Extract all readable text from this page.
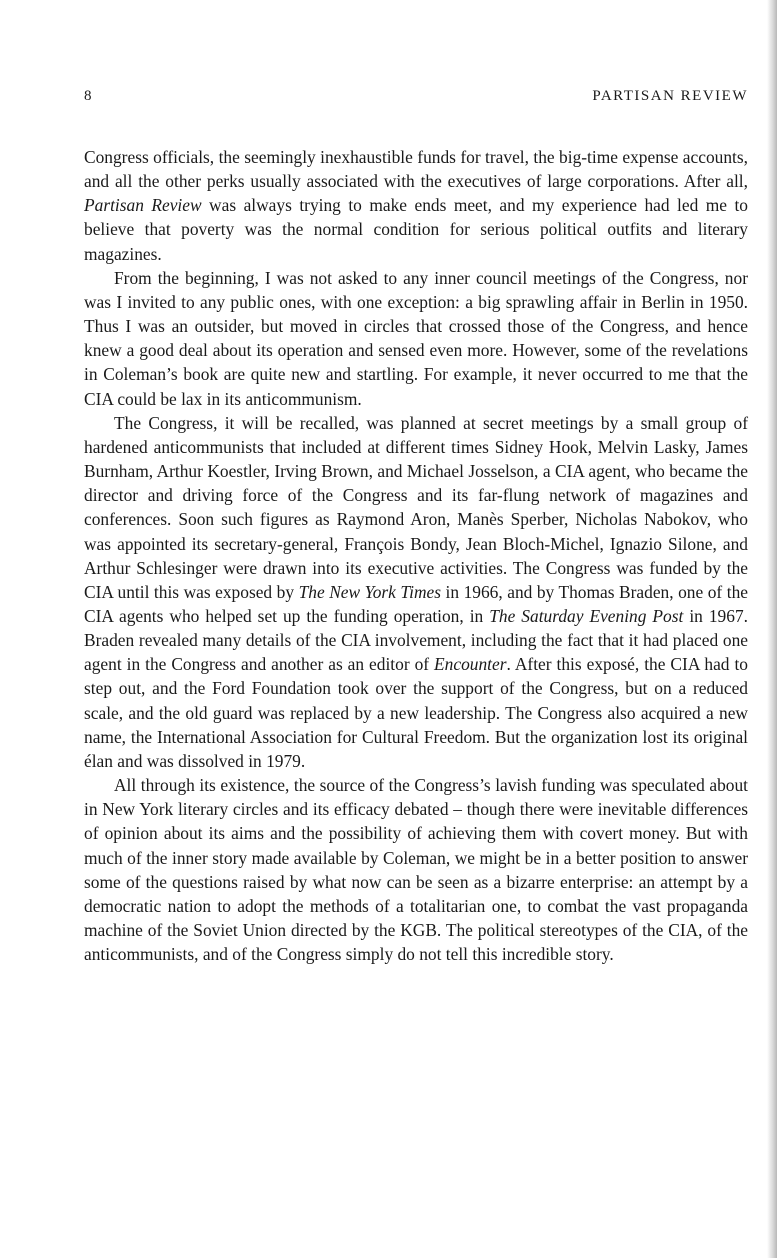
8	PARTISAN REVIEW

Congress officials, the seemingly inexhaustible funds for travel, the big-time expense accounts, and all the other perks usually associated with the executives of large corporations. After all, Partisan Review was always trying to make ends meet, and my experience had led me to believe that poverty was the normal condition for serious political outfits and literary magazines.

From the beginning, I was not asked to any inner council meetings of the Congress, nor was I invited to any public ones, with one exception: a big sprawling affair in Berlin in 1950. Thus I was an outsider, but moved in circles that crossed those of the Congress, and hence knew a good deal about its operation and sensed even more. However, some of the revelations in Coleman’s book are quite new and startling. For example, it never occurred to me that the CIA could be lax in its anticommunism.

The Congress, it will be recalled, was planned at secret meetings by a small group of hardened anticommunists that included at different times Sidney Hook, Melvin Lasky, James Burnham, Arthur Koestler, Irving Brown, and Michael Josselson, a CIA agent, who became the director and driving force of the Congress and its far-flung network of magazines and conferences. Soon such figures as Raymond Aron, Manès Sperber, Nicholas Nabokov, who was appointed its secretary-general, François Bondy, Jean Bloch-Michel, Ignazio Silone, and Arthur Schlesinger were drawn into its executive activities. The Congress was funded by the CIA until this was exposed by The New York Times in 1966, and by Thomas Braden, one of the CIA agents who helped set up the funding operation, in The Saturday Evening Post in 1967. Braden revealed many details of the CIA involvement, including the fact that it had placed one agent in the Congress and another as an editor of Encounter. After this exposé, the CIA had to step out, and the Ford Foundation took over the support of the Congress, but on a reduced scale, and the old guard was replaced by a new leadership. The Congress also acquired a new name, the International Association for Cultural Freedom. But the organization lost its original élan and was dissolved in 1979.

All through its existence, the source of the Congress’s lavish funding was speculated about in New York literary circles and its efficacy debated – though there were inevitable differences of opinion about its aims and the possibility of achieving them with covert money. But with much of the inner story made available by Coleman, we might be in a better position to answer some of the questions raised by what now can be seen as a bizarre enterprise: an attempt by a democratic nation to adopt the methods of a totalitarian one, to combat the vast propaganda machine of the Soviet Union directed by the KGB. The political stereotypes of the CIA, of the anticommunists, and of the Congress simply do not tell this incredible story.
